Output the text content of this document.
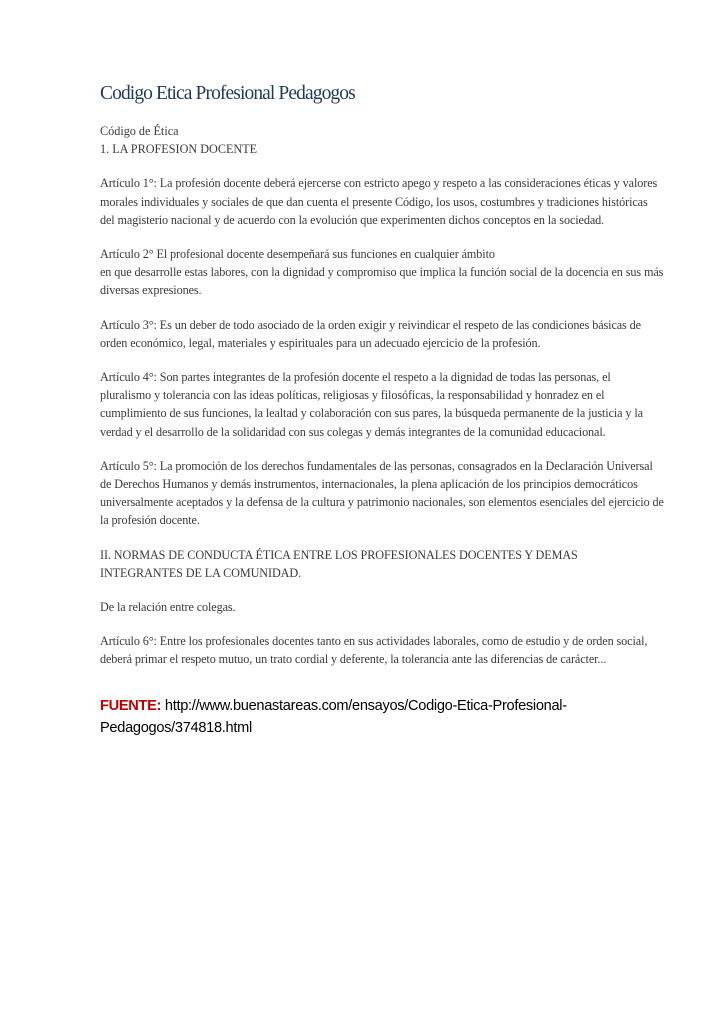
Codigo Etica Profesional Pedagogos
Código de Ética
1. LA PROFESION DOCENTE
Artículo 1°: La profesión docente deberá ejercerse con estricto apego y respeto a las consideraciones éticas y valores
morales individuales y sociales de que dan cuenta el presente Código, los usos, costumbres y tradiciones históricas
del magisterio nacional y de acuerdo con la evolución que experimenten dichos conceptos en la sociedad.
Artículo 2° El profesional docente desempeñará sus funciones en cualquier ámbito
en que desarrolle estas labores, con la dignidad y compromiso que implica la función social de la docencia en sus más
diversas expresiones.
Artículo 3°: Es un deber de todo asociado de la orden exigir y reivindicar el respeto de las condiciones básicas de
orden económico, legal, materiales y espirituales para un adecuado ejercicio de la profesión.
Artículo 4°: Son partes integrantes de la profesión docente el respeto a la dignidad de todas las personas, el
pluralismo y tolerancia con las ideas políticas, religiosas y filosóficas, la responsabilidad y honradez en el
cumplimiento de sus funciones, la lealtad y colaboración con sus pares, la búsqueda permanente de la justicia y la
verdad y el desarrollo de la solidaridad con sus colegas y demás integrantes de la comunidad educacional.
Artículo 5°: La promoción de los derechos fundamentales de las personas, consagrados en la Declaración Universal
de Derechos Humanos y demás instrumentos, internacionales, la plena aplicación de los principios democráticos
universalmente aceptados y la defensa de la cultura y patrimonio nacionales, son elementos esenciales del ejercicio de
la profesión docente.
II. NORMAS DE CONDUCTA ÉTICA ENTRE LOS PROFESIONALES DOCENTES Y DEMAS
INTEGRANTES DE LA COMUNIDAD.
De la relación entre colegas.
Artículo 6°: Entre los profesionales docentes tanto en sus actividades laborales, como de estudio y de orden social,
deberá primar el respeto mutuo, un trato cordial y deferente, la tolerancia ante las diferencias de carácter...
FUENTE: http://www.buenastareas.com/ensayos/Codigo-Etica-Profesional-
Pedagogos/374818.html
